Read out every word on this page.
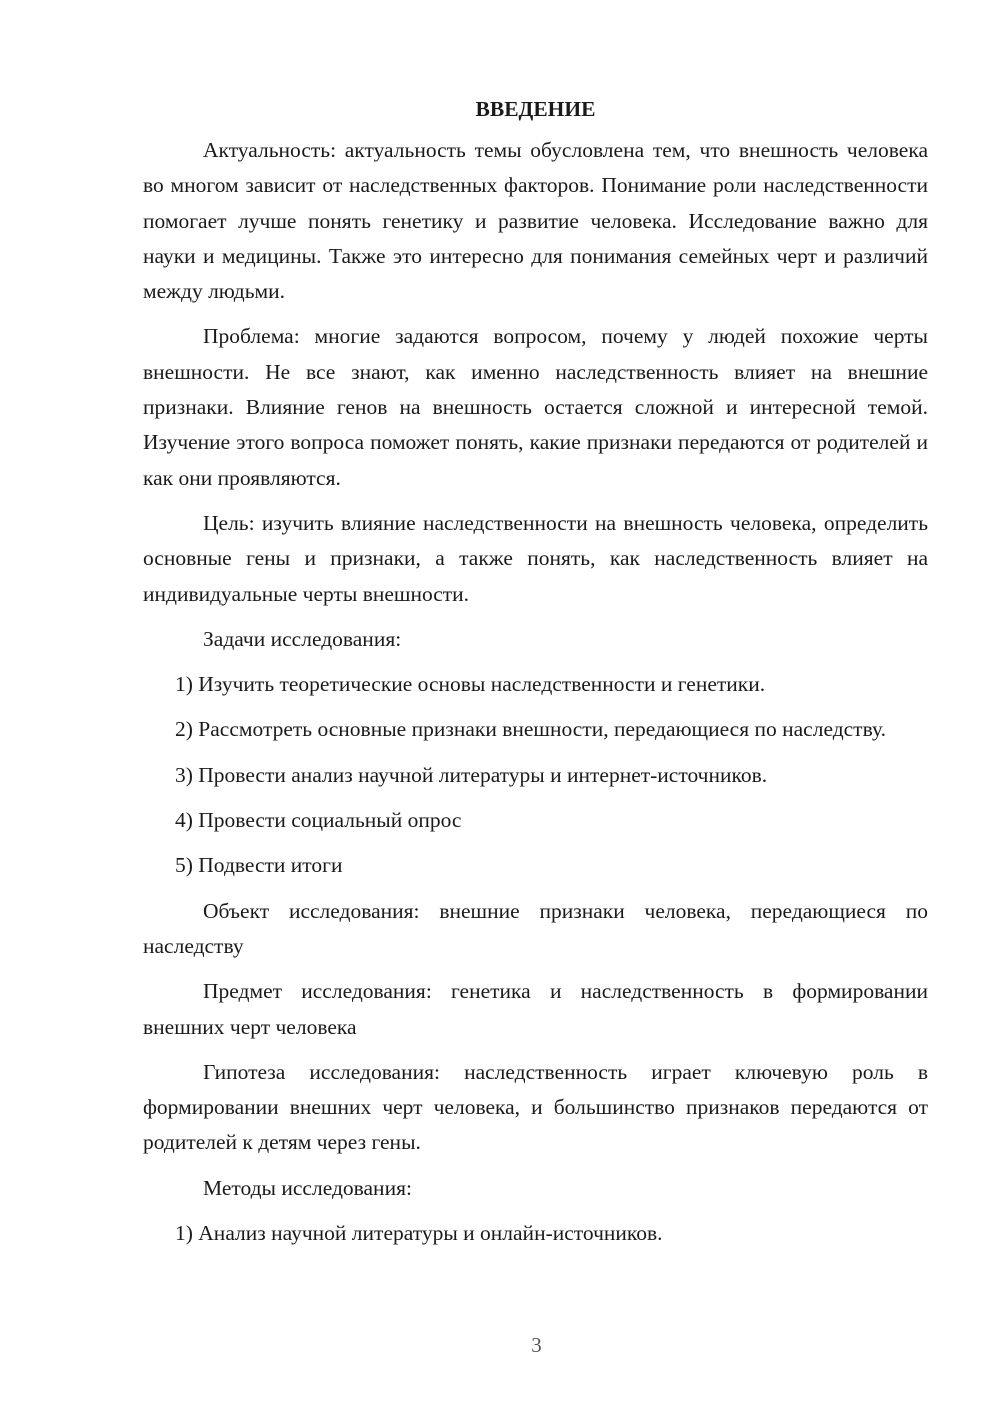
ВВЕДЕНИЕ

Актуальность: актуальность темы обусловлена тем, что внешность человека во многом зависит от наследственных факторов. Понимание роли наследственности помогает лучше понять генетику и развитие человека. Исследование важно для науки и медицины. Также это интересно для понимания семейных черт и различий между людьми.

Проблема: многие задаются вопросом, почему у людей похожие черты внешности. Не все знают, как именно наследственность влияет на внешние признаки. Влияние генов на внешность остается сложной и интересной темой. Изучение этого вопроса поможет понять, какие признаки передаются от родителей и как они проявляются.

Цель: изучить влияние наследственности на внешность человека, определить основные гены и признаки, а также понять, как наследственность влияет на индивидуальные черты внешности.

Задачи исследования:

1) Изучить теоретические основы наследственности и генетики.

2) Рассмотреть основные признаки внешности, передающиеся по наследству.

3) Провести анализ научной литературы и интернет-источников.

4) Провести социальный опрос

5) Подвести итоги

Объект исследования: внешние признаки человека, передающиеся по наследству

Предмет исследования: генетика и наследственность в формировании внешних черт человека

Гипотеза исследования: наследственность играет ключевую роль в формировании внешних черт человека, и большинство признаков передаются от родителей к детям через гены.

Методы исследования:

1) Анализ научной литературы и онлайн-источников.

3
